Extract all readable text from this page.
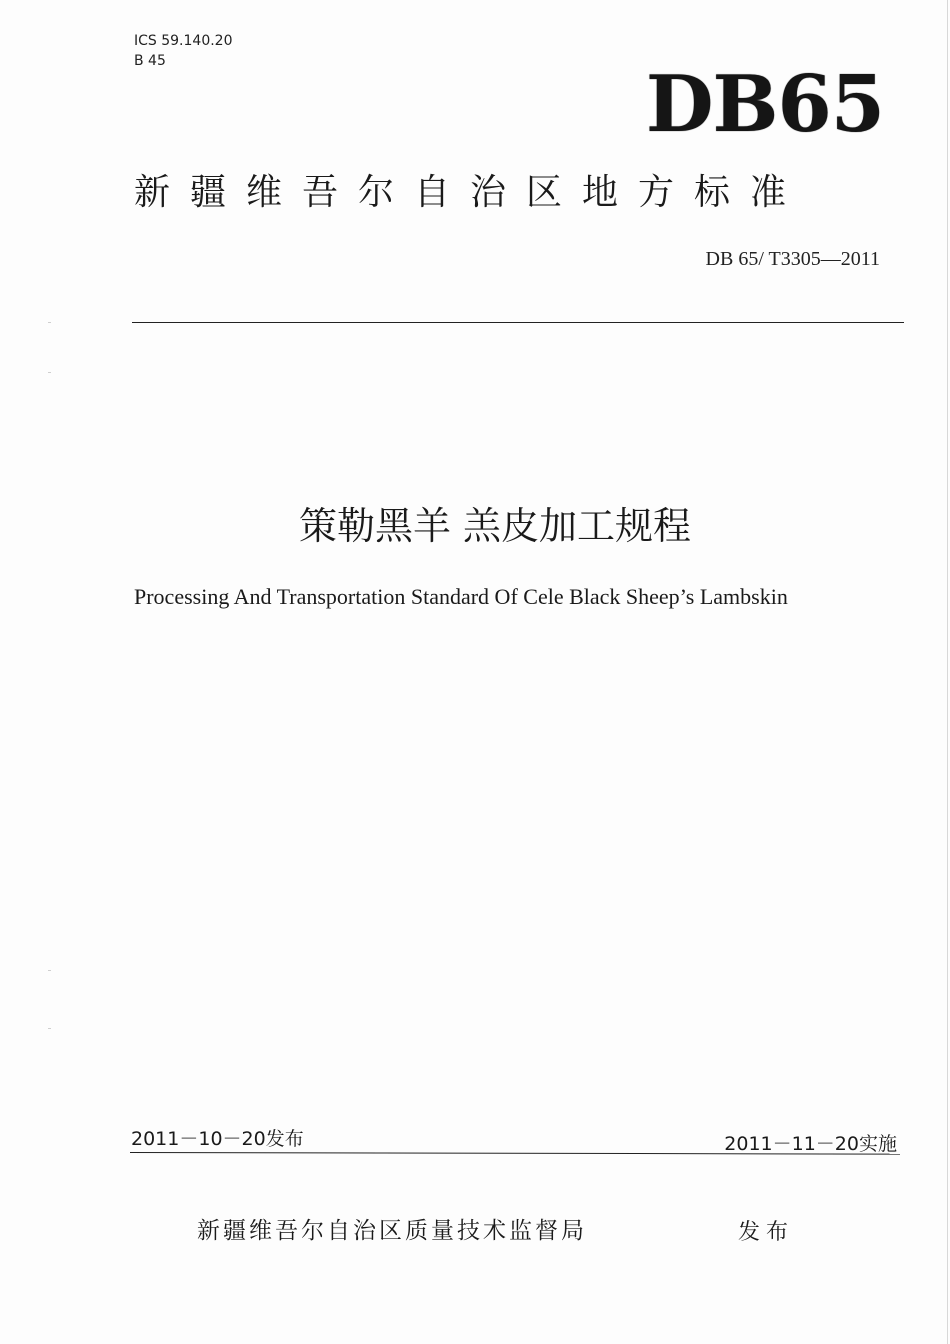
ICS 59.140.20
B 45	DB65
新疆维吾尔自治区地方标准
DB 65/ T3305—2011
策勒黑羊 羔皮加工规程
Processing And Transportation Standard Of Cele Black Sheep’s Lambskin
2011－10－20发布	2011－11－20实施
新疆维吾尔自治区质量技术监督局	发布
